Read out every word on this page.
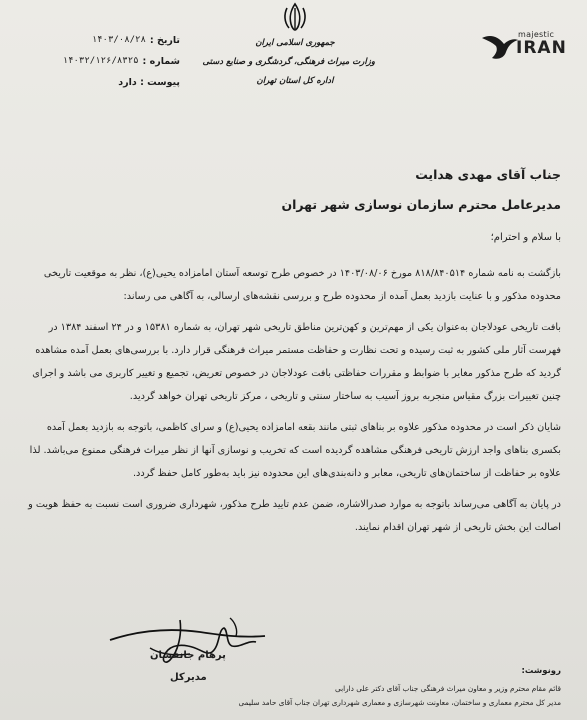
تاریخ :
۱۴۰۳/۰۸/۲۸
شماره :
۱۴۰۳۲/۱۲۶/۸۳۲۵
پیوست : دارد
جمهوری اسلامی ایران
وزارت میراث فرهنگی، گردشگری و صنایع دستی
اداره کل استان تهران
majestic
IRAN
جناب آقای مهدی هدایت
مدیرعامل محترم سازمان نوسازی شهر تهران
با سلام و احترام؛

بازگشت به نامه شماره ۸۱۸/۸۴۰۵۱۴ مورخ ۱۴۰۳/۰۸/۰۶ در خصوص طرح توسعه آستان امامزاده یحیی(ع)، نظر به موقعیت تاریخی محدوده مذکور و با عنایت بازدید بعمل آمده از محدوده طرح و بررسی نقشه‌های ارسالی، به آگاهی می رساند:

بافت تاریخی عودلاجان به‌عنوان یکی از مهم‌ترین و کهن‌ترین مناطق تاریخی شهر تهران، به شماره ۱۵۳۸۱ و در ۲۴ اسفند ۱۳۸۴ در فهرست آثار ملی کشور به ثبت رسیده و تحت نظارت و حفاظت مستمر میراث فرهنگی قرار دارد. با بررسی‌های بعمل آمده مشاهده گردید که طرح مذکور مغایر با ضوابط و مقررات حفاظتی بافت عودلاجان در خصوص تعریض، تجمیع و تغییر کاربری می باشد و اجرای چنین تغییرات بزرگ مقیاس منجربه بروز آسیب به ساختار سنتی و تاریخی ، مرکز تاریخی تهران خواهد گردید.

شایان ذکر است در محدوده مذکور علاوه بر بناهای ثبتی مانند بقعه امامزاده یحیی(ع) و سرای کاظمی، باتوجه به بازدید بعمل آمده بکسری بناهای واجد ارزش تاریخی فرهنگی مشاهده گردیده است که تخریب و نوسازی آنها از نظر میراث فرهنگی ممنوع می‌باشد. لذا علاوه بر حفاظت از ساختمان‌های تاریخی، معابر و دانه‌بندی‌های این محدوده نیز باید به‌طور کامل حفظ گردد.

در پایان به آگاهی می‌رساند باتوجه به موارد صدرالاشاره، ضمن عدم تایید طرح مذکور، شهرداری ضروری است نسبت به حفظ هویت و اصالت این بخش تاریخی از شهر تهران اقدام نمایند.

پرهام جانفشان
مدیرکل
رونوشت:
قائم مقام محترم وزیر و معاون میراث فرهنگی جناب آقای دکتر علی دارابی
مدیر کل محترم معماری و ساختمان، معاونت شهرسازی و معماری شهرداری تهران جناب آقای حامد سلیمی
